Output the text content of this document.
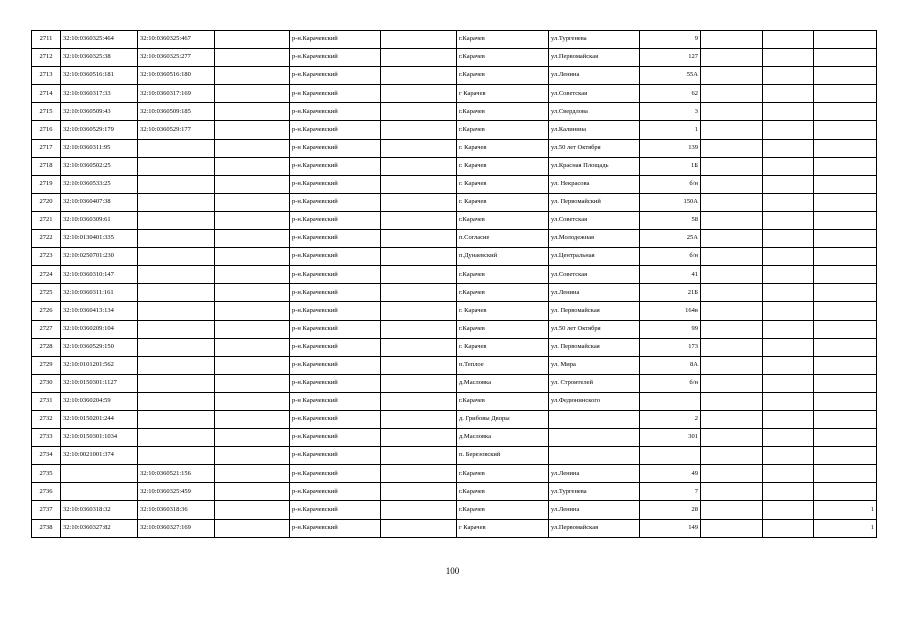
2711	32:10:0360325:464	32:10:0360325:467		р-н.Карачевский		г.Карачев	ул.Тургенева	9			
2712	32:10:0360325:38	32:10:0360325:277		р-н.Карачевский		г.Карачев	ул.Первомайская	127			
2713	32:10:0360516:181	32:10:0360516:180		р-н.Карачевский		г.Карачев	ул.Ленина	55А			
2714	32:10:0360317:33	32:10:0360317:169		р-н Карачевский		г Карачев	ул.Советская	62			
2715	32:10:0360509:43	32:10:0360509:185		р-н.Карачевский		г.Карачев	ул.Свердлова	3			
2716	32:10:0360529:179	32:10:0360529:177		р-н.Карачевский		г.Карачев	ул.Калинина	1			
2717	32:10:0360311:95			р-н Карачевский		г. Карачев	ул.50 лет Октября	139			
2718	32:10:0360502:25			р-н.Карачевский		г. Карачев	ул.Красная Площадь	1Б			
2719	32:10:0360533:25			р-н.Карачевский		г. Карачев	ул. Некрасова	б/н			
2720	32:10:0360407:38			р-н.Карачевский		г. Карачев	ул. Первомайский	150А			
2721	32:10:0360309:61			р-н.Карачевский		г.Карачев	ул.Советская	58			
2722	32:10:0130401:335			р-н.Карачевский		п.Согласие	ул.Молодежная	25А			
2723	32:10:0250701:230			р-н.Карачевский		п.Дунаевский	ул.Центральная	б/н			
2724	32:10:0360310:147			р-н.Карачевский		г.Карачев	ул.Советская	41			
2725	32:10:0360311:161			р-н.Карачевский		г.Карачев	ул.Ленина	21Б			
2726	32:10:0360413:134			р-н.Карачевский		г. Карачев	ул. Первомайская	164в			
2727	32:10:0360209:104			р-н Карачевский		г.Карачев	ул.50 лет Октября	99			
2728	32:10:0360529:150			р-н.Карачевский		г. Карачев	ул. Первомайская	173			
2729	32:10:0101201:562			р-н.Карачевский		п.Теплое	ул. Мира	8А			
2730	32:10:0150301:1127			р-н.Карачевский		д.Масловка	ул. Строителей	б/н			
2731	32:10:0360204:59			р-н Карачевский		г.Карачев	ул.Федюнинского				
2732	32:10:0150201:244			р-н.Карачевский		д. Грибовы Дворы		2			
2733	32:10:0150301:1034			р-н.Карачевский		д.Масловка		301			
2734	32:10:0021001:374			р-н.Карачевский		п. Березовский					
2735		32:10:0360521:156		р-н.Карачевский		г.Карачев	ул.Ленина	49			
2736		32:10:0360325:459		р-н.Карачевский		г.Карачев	ул.Тургенева	7			
2737	32:10:0360318:32	32:10:0360318:36		р-н.Карачевский		г.Карачев	ул.Ленина	28			1
2738	32:10:0360327:82	32:10:0360327:169		р-н.Карачевский		г Карачев	ул.Первомайская	149			1
100
